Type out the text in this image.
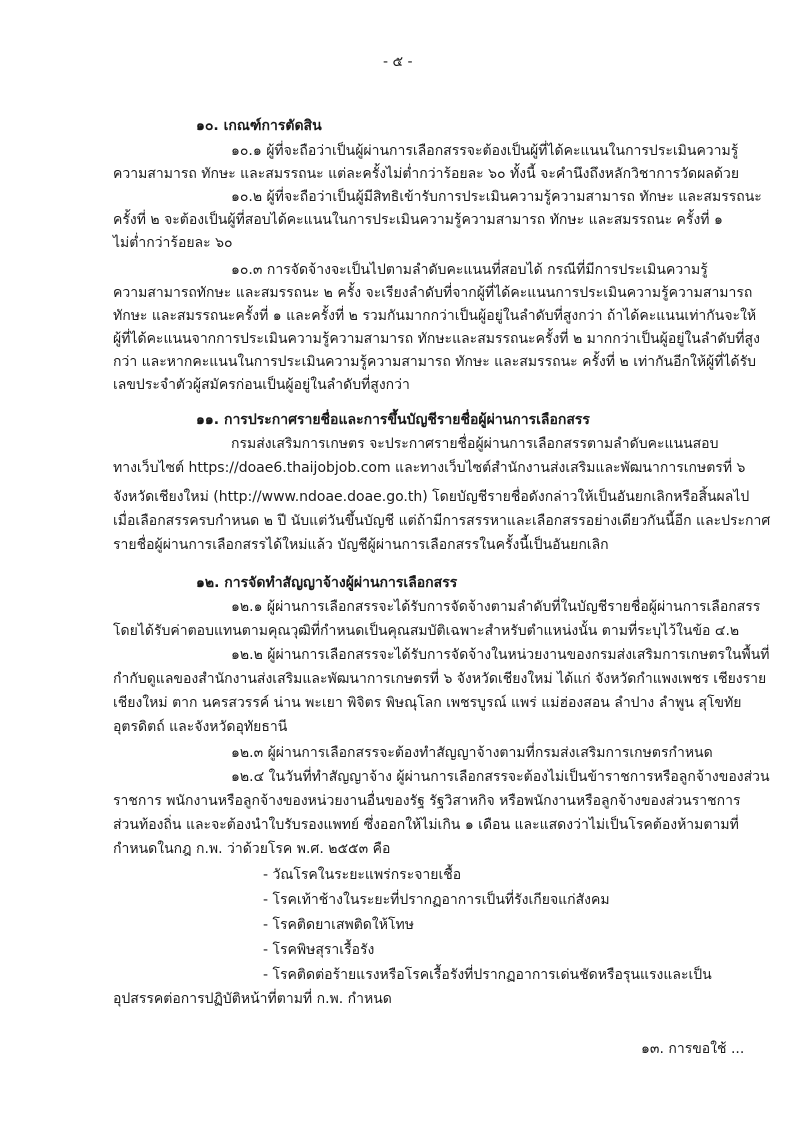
- ๕ -
๑๐. เกณฑ์การตัดสิน
๑๐.๑ ผู้ที่จะถือว่าเป็นผู้ผ่านการเลือกสรรจะต้องเป็นผู้ที่ได้คะแนนในการประเมินความรู้
ความสามารถ ทักษะ และสมรรถนะ แต่ละครั้งไม่ต่ำกว่าร้อยละ ๖๐ ทั้งนี้ จะคำนึงถึงหลักวิชาการวัดผลด้วย
๑๐.๒ ผู้ที่จะถือว่าเป็นผู้มีสิทธิเข้ารับการประเมินความรู้ความสามารถ ทักษะ และสมรรถนะ
ครั้งที่ ๒ จะต้องเป็นผู้ที่สอบได้คะแนนในการประเมินความรู้ความสามารถ ทักษะ และสมรรถนะ ครั้งที่ ๑
ไม่ต่ำกว่าร้อยละ ๖๐
๑๐.๓ การจัดจ้างจะเป็นไปตามลำดับคะแนนที่สอบได้ กรณีที่มีการประเมินความรู้
ความสามารถทักษะ และสมรรถนะ ๒ ครั้ง จะเรียงลำดับที่จากผู้ที่ได้คะแนนการประเมินความรู้ความสามารถ
ทักษะ และสมรรถนะครั้งที่ ๑ และครั้งที่ ๒ รวมกันมากกว่าเป็นผู้อยู่ในลำดับที่สูงกว่า ถ้าได้คะแนนเท่ากันจะให้
ผู้ที่ได้คะแนนจากการประเมินความรู้ความสามารถ ทักษะและสมรรถนะครั้งที่ ๒ มากกว่าเป็นผู้อยู่ในลำดับที่สูง
กว่า และหากคะแนนในการประเมินความรู้ความสามารถ ทักษะ และสมรรถนะ ครั้งที่ ๒ เท่ากันอีกให้ผู้ที่ได้รับ
เลขประจำตัวผู้สมัครก่อนเป็นผู้อยู่ในลำดับที่สูงกว่า
๑๑. การประกาศรายชื่อและการขึ้นบัญชีรายชื่อผู้ผ่านการเลือกสรร
กรมส่งเสริมการเกษตร จะประกาศรายชื่อผู้ผ่านการเลือกสรรตามลำดับคะแนนสอบ
ทางเว็บไซต์ https://doae6.thaijobjob.com และทางเว็บไซต์สำนักงานส่งเสริมและพัฒนาการเกษตรที่ ๖
จังหวัดเชียงใหม่ (http://www.ndoae.doae.go.th) โดยบัญชีรายชื่อดังกล่าวให้เป็นอันยกเลิกหรือสิ้นผลไป
เมื่อเลือกสรรครบกำหนด ๒ ปี นับแต่วันขึ้นบัญชี แต่ถ้ามีการสรรหาและเลือกสรรอย่างเดียวกันนี้อีก และประกาศ
รายชื่อผู้ผ่านการเลือกสรรได้ใหม่แล้ว บัญชีผู้ผ่านการเลือกสรรในครั้งนี้เป็นอันยกเลิก
๑๒. การจัดทำสัญญาจ้างผู้ผ่านการเลือกสรร
๑๒.๑ ผู้ผ่านการเลือกสรรจะได้รับการจัดจ้างตามลำดับที่ในบัญชีรายชื่อผู้ผ่านการเลือกสรร
โดยได้รับค่าตอบแทนตามคุณวุฒิที่กำหนดเป็นคุณสมบัติเฉพาะสำหรับตำแหน่งนั้น ตามที่ระบุไว้ในข้อ ๔.๒
๑๒.๒ ผู้ผ่านการเลือกสรรจะได้รับการจัดจ้างในหน่วยงานของกรมส่งเสริมการเกษตรในพื้นที่
กำกับดูแลของสำนักงานส่งเสริมและพัฒนาการเกษตรที่ ๖ จังหวัดเชียงใหม่ ได้แก่ จังหวัดกำแพงเพชร เชียงราย
เชียงใหม่ ตาก นครสวรรค์ น่าน พะเยา พิจิตร พิษณุโลก เพชรบูรณ์ แพร่ แม่ฮ่องสอน ลำปาง ลำพูน สุโขทัย
อุตรดิตถ์ และจังหวัดอุทัยธานี
๑๒.๓ ผู้ผ่านการเลือกสรรจะต้องทำสัญญาจ้างตามที่กรมส่งเสริมการเกษตรกำหนด
๑๒.๔ ในวันที่ทำสัญญาจ้าง ผู้ผ่านการเลือกสรรจะต้องไม่เป็นข้าราชการหรือลูกจ้างของส่วน
ราชการ พนักงานหรือลูกจ้างของหน่วยงานอื่นของรัฐ รัฐวิสาหกิจ หรือพนักงานหรือลูกจ้างของส่วนราชการ
ส่วนท้องถิ่น และจะต้องนำใบรับรองแพทย์ ซึ่งออกให้ไม่เกิน ๑ เดือน และแสดงว่าไม่เป็นโรคต้องห้ามตามที่
กำหนดในกฎ ก.พ. ว่าด้วยโรค พ.ศ. ๒๕๕๓ คือ
- วัณโรคในระยะแพร่กระจายเชื้อ
- โรคเท้าช้างในระยะที่ปรากฏอาการเป็นที่รังเกียจแก่สังคม
- โรคติดยาเสพติดให้โทษ
- โรคพิษสุราเรื้อรัง
- โรคติดต่อร้ายแรงหรือโรคเรื้อรังที่ปรากฏอาการเด่นชัดหรือรุนแรงและเป็น
อุปสรรคต่อการปฏิบัติหน้าที่ตามที่ ก.พ. กำหนด
๑๓. การขอใช้ ...
